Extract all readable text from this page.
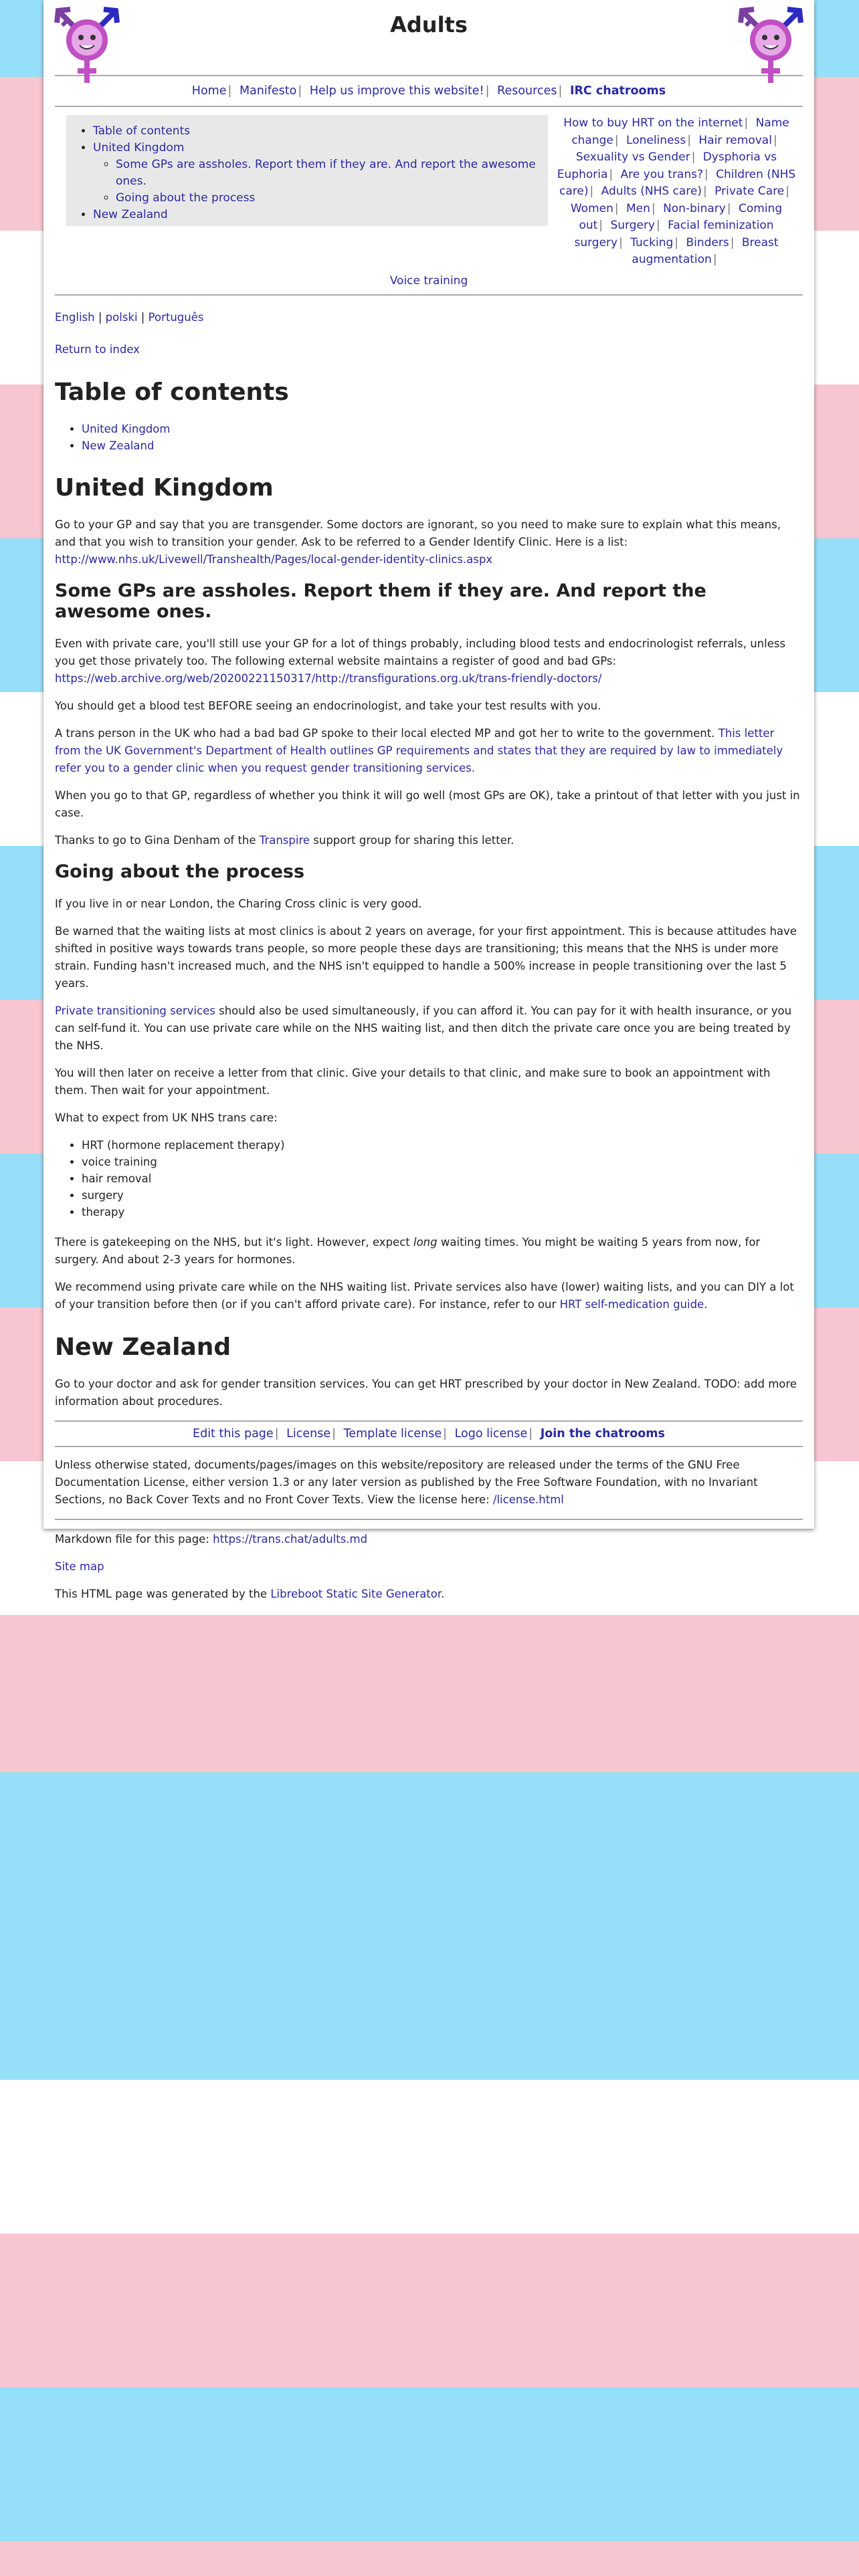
Adults
Home | Manifesto | Help us improve this website! | Resources | IRC chatrooms
• Table of contents
• United Kingdom
◦ Some GPs are assholes. Report them if they are. And report the awesome ones.
◦ Going about the process
• New Zealand
How to buy HRT on the internet | Name change | Loneliness | Hair removal | Sexuality vs Gender | Dysphoria vs Euphoria | Are you trans? | Children (NHS care) | Adults (NHS care) | Private Care | Women | Men | Non-binary | Coming out | Surgery | Facial feminization surgery | Tucking | Binders | Breast augmentation |
Voice training

English | polski | Português

Return to index

Table of contents
• United Kingdom
• New Zealand
United Kingdom

Go to your GP and say that you are transgender. Some doctors are ignorant, so you need to make sure to explain what this means, and that you wish to transition your gender. Ask to be referred to a Gender Identify Clinic. Here is a list:
http://www.nhs.uk/Livewell/Transhealth/Pages/local-gender-identity-clinics.aspx

Some GPs are assholes. Report them if they are. And report the awesome ones.

Even with private care, you'll still use your GP for a lot of things probably, including blood tests and endocrinologist referrals, unless you get those privately too. The following external website maintains a register of good and bad GPs:
https://web.archive.org/web/20200221150317/http://transfigurations.org.uk/trans-friendly-doctors/

You should get a blood test BEFORE seeing an endocrinologist, and take your test results with you.

A trans person in the UK who had a bad bad GP spoke to their local elected MP and got her to write to the government. This letter from the UK Government's Department of Health outlines GP requirements and states that they are required by law to immediately refer you to a gender clinic when you request gender transitioning services.

When you go to that GP, regardless of whether you think it will go well (most GPs are OK), take a printout of that letter with you just in case.

Thanks to go to Gina Denham of the Transpire support group for sharing this letter.

Going about the process

If you live in or near London, the Charing Cross clinic is very good.

Be warned that the waiting lists at most clinics is about 2 years on average, for your first appointment. This is because attitudes have shifted in positive ways towards trans people, so more people these days are transitioning; this means that the NHS is under more strain. Funding hasn't increased much, and the NHS isn't equipped to handle a 500% increase in people transitioning over the last 5 years.

Private transitioning services should also be used simultaneously, if you can afford it. You can pay for it with health insurance, or you can self-fund it. You can use private care while on the NHS waiting list, and then ditch the private care once you are being treated by the NHS.

You will then later on receive a letter from that clinic. Give your details to that clinic, and make sure to book an appointment with them. Then wait for your appointment.

What to expect from UK NHS trans care:

• HRT (hormone replacement therapy)
• voice training
• hair removal
• surgery
• therapy

There is gatekeeping on the NHS, but it's light. However, expect long waiting times. You might be waiting 5 years from now, for surgery. And about 2-3 years for hormones.

We recommend using private care while on the NHS waiting list. Private services also have (lower) waiting lists, and you can DIY a lot of your transition before then (or if you can't afford private care). For instance, refer to our HRT self-medication guide.

New Zealand

Go to your doctor and ask for gender transition services. You can get HRT prescribed by your doctor in New Zealand. TODO: add more information about procedures.

Edit this page | License | Template license | Logo license | Join the chatrooms

Unless otherwise stated, documents/pages/images on this website/repository are released under the terms of the GNU Free Documentation License, either version 1.3 or any later version as published by the Free Software Foundation, with no Invariant Sections, no Back Cover Texts and no Front Cover Texts. View the license here: /license.html

Markdown file for this page: https://trans.chat/adults.md

Site map

This HTML page was generated by the Libreboot Static Site Generator.
